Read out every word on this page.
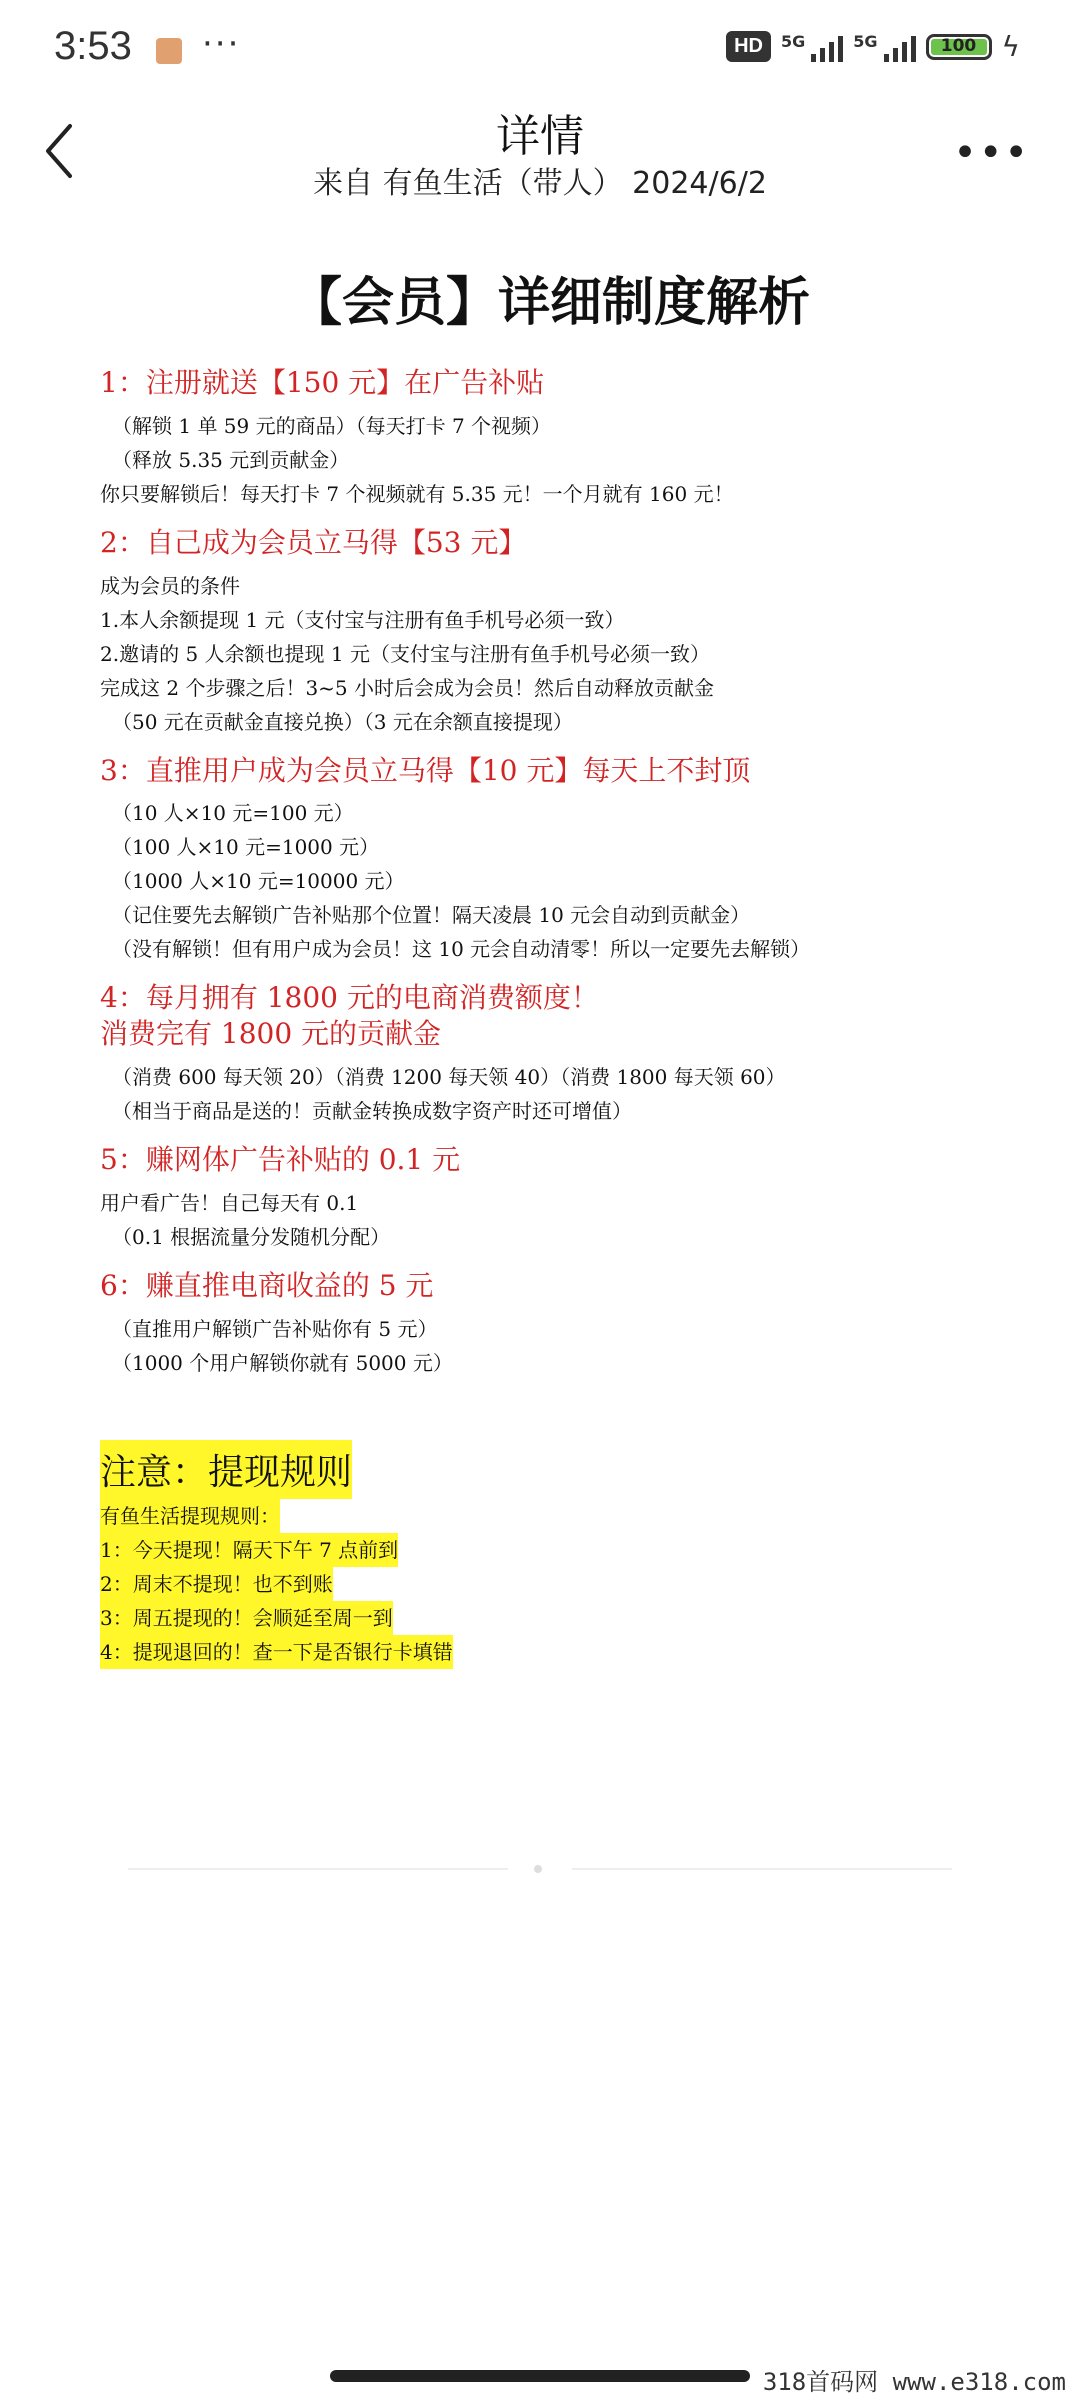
3:53 ···	HD	5G	5G	100 ϟ
详情
来自 有鱼生活（带人） 2024/6/2
•••
【会员】详细制度解析
1：注册就送【150 元】在广告补贴
（解锁 1 单 59 元的商品）（每天打卡 7 个视频）
（释放 5.35 元到贡献金）
你只要解锁后！每天打卡 7 个视频就有 5.35 元！一个月就有 160 元！
2：自己成为会员立马得【53 元】
成为会员的条件
1.本人余额提现 1 元（支付宝与注册有鱼手机号必须一致）
2.邀请的 5 人余额也提现 1 元（支付宝与注册有鱼手机号必须一致）
完成这 2 个步骤之后！3~5 小时后会成为会员！然后自动释放贡献金
（50 元在贡献金直接兑换）（3 元在余额直接提现）
3：直推用户成为会员立马得【10 元】每天上不封顶
（10 人×10 元=100 元）
（100 人×10 元=1000 元）
（1000 人×10 元=10000 元）
（记住要先去解锁广告补贴那个位置！隔天凌晨 10 元会自动到贡献金）
（没有解锁！但有用户成为会员！这 10 元会自动清零！所以一定要先去解锁）
4：每月拥有 1800 元的电商消费额度！
消费完有 1800 元的贡献金
（消费 600 每天领 20）（消费 1200 每天领 40）（消费 1800 每天领 60）
（相当于商品是送的！贡献金转换成数字资产时还可增值）
5：赚网体广告补贴的 0.1 元
用户看广告！自己每天有 0.1
（0.1 根据流量分发随机分配）
6：赚直推电商收益的 5 元
（直推用户解锁广告补贴你有 5 元）
（1000 个用户解锁你就有 5000 元）
注意：提现规则
有鱼生活提现规则：
1：今天提现！隔天下午 7 点前到
2：周末不提现！也不到账
3：周五提现的！会顺延至周一到
4：提现退回的！查一下是否银行卡填错
318首码网 www.e318.com
